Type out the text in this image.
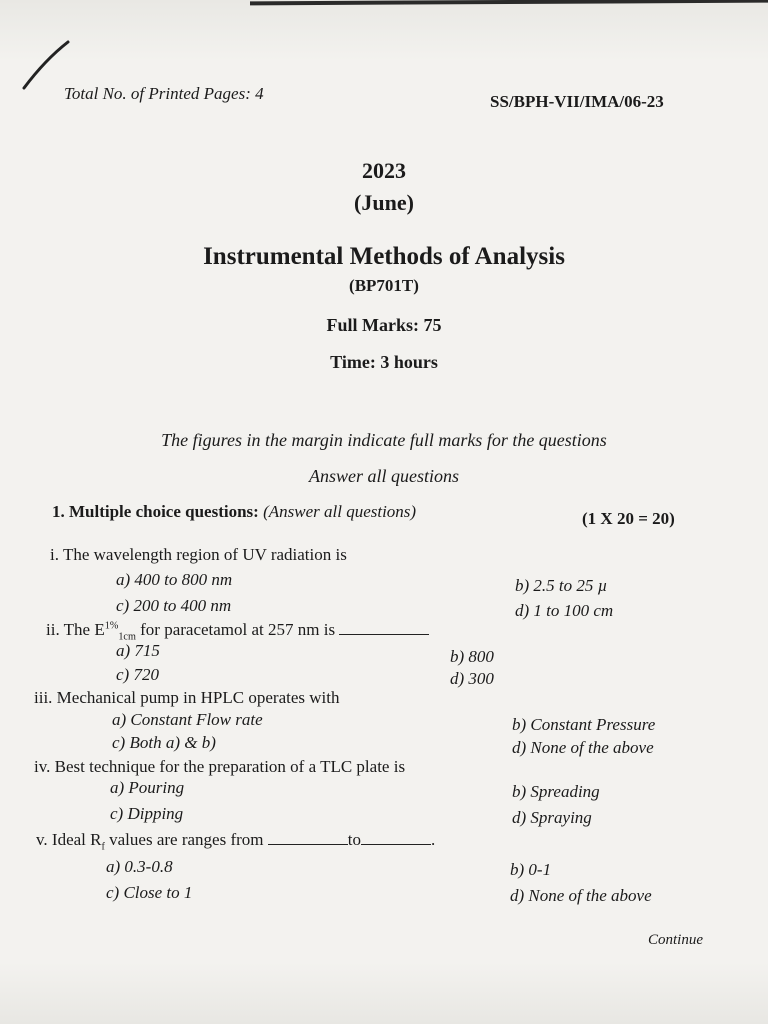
Total No. of Printed Pages: 4	SS/BPH-VII/IMA/06-23
2023
(June)
Instrumental Methods of Analysis
(BP701T)
Full Marks: 75
Time: 3 hours
The figures in the margin indicate full marks for the questions
Answer all questions
1. Multiple choice questions: (Answer all questions)	(1 X 20 = 20)
i. The wavelength region of UV radiation is
a) 400 to 800 nm	b) 2.5 to 25 µ
c) 200 to 400 nm	d) 1 to 100 cm
ii. The $E^{1\%}_{1cm}$ for paracetamol at 257 nm is
a) 715	b) 800
c) 720	d) 300
iii. Mechanical pump in HPLC operates with
a) Constant Flow rate	b) Constant Pressure
c) Both a) & b)	d) None of the above
iv. Best technique for the preparation of a TLC plate is
a) Pouring	b) Spreading
c) Dipping	d) Spraying
v. Ideal $R_f$ values are ranges from	to	.
a) 0.3-0.8	b) 0-1
c) Close to 1	d) None of the above
Continue
